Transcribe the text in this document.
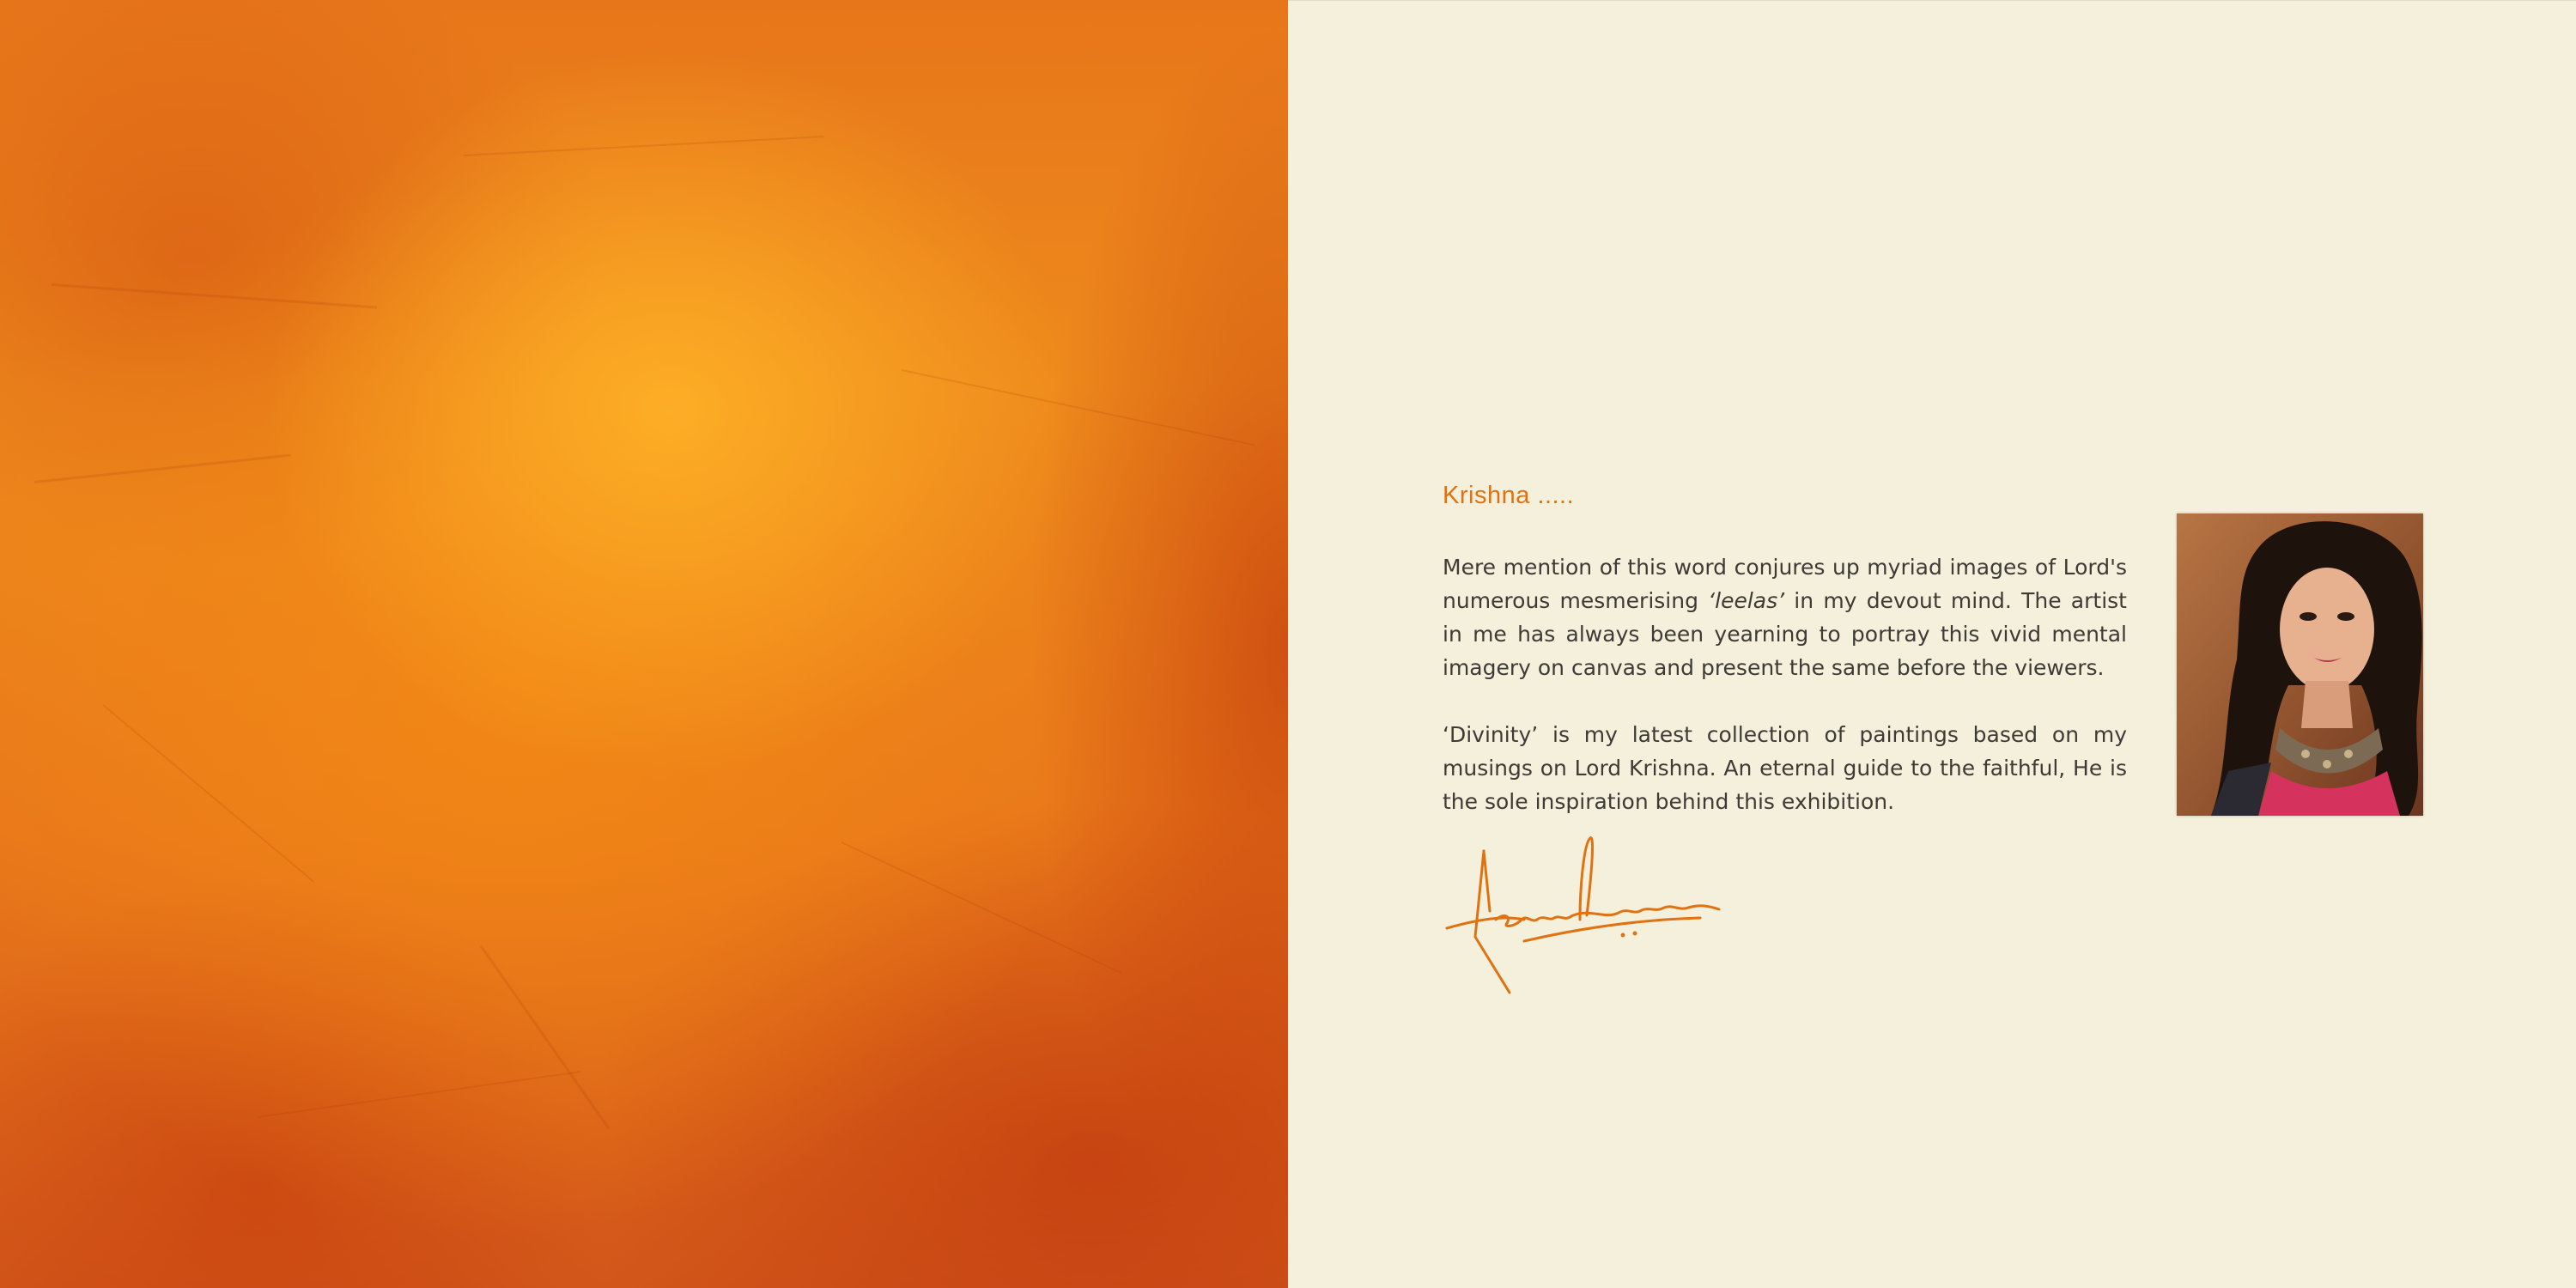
Krishna .....

Mere mention of this word conjures up myriad images of Lord's numerous mesmerising ‘leelas’ in my devout mind. The artist in me has always been yearning to portray this vivid mental imagery on canvas and present the same before the viewers.

‘Divinity’ is my latest collection of paintings based on my musings on Lord Krishna. An eternal guide to the faithful, He is the sole inspiration behind this exhibition.
